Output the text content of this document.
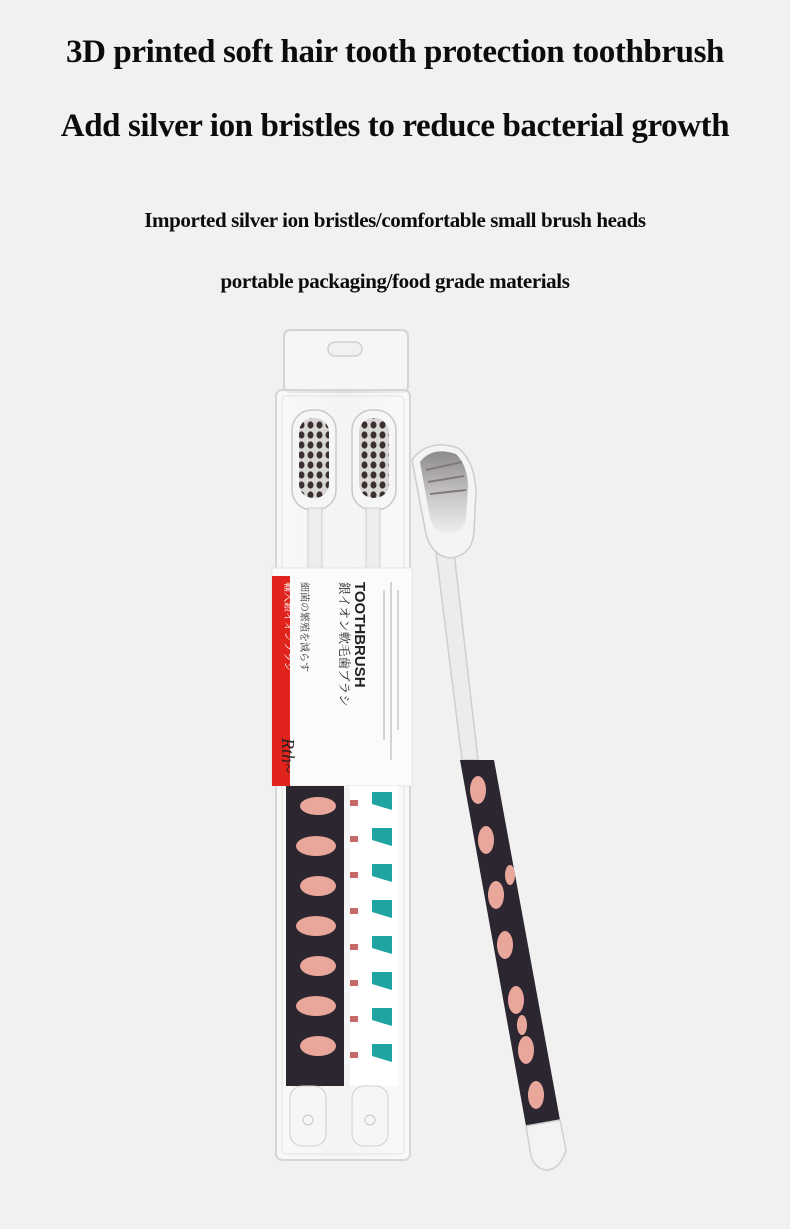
3D printed soft hair tooth protection toothbrush
Add silver ion bristles to reduce bacterial growth
Imported silver ion bristles/comfortable small brush heads
portable packaging/food grade materials
TOOTHBRUSH
銀イオン軟毛歯ブラシ
輸入銀イオンブラシ 細菌の繁殖を減らす
Rth~
